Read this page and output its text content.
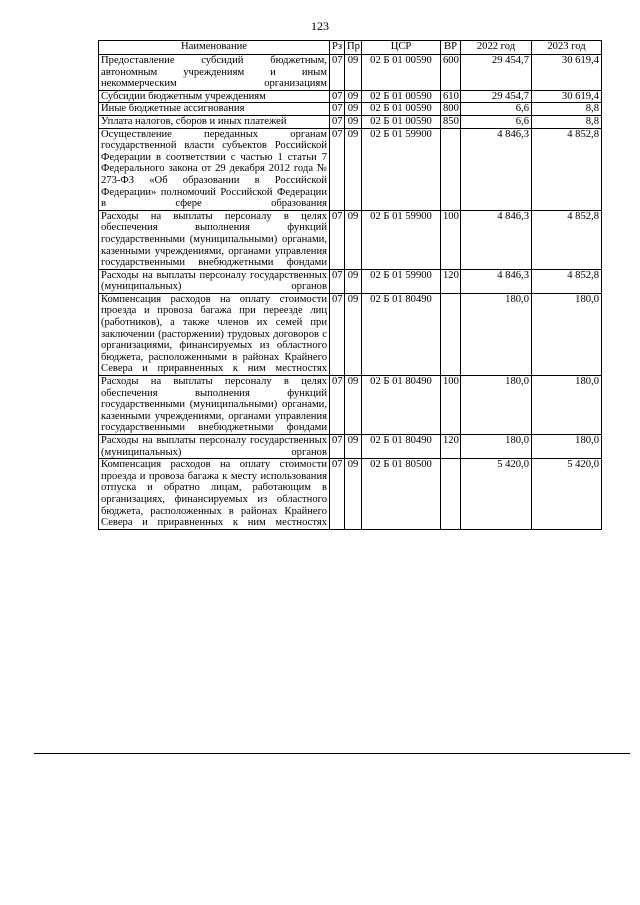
123
Наименование	Рз	Пр	ЦСР	ВР	2022 год	2023 год
Предоставление субсидий бюджетным, автономным учреждениям и иным некоммерческим организациям	07	09	02 Б 01 00590	600	29 454,7	30 619,4
Субсидии бюджетным учреждениям	07	09	02 Б 01 00590	610	29 454,7	30 619,4
Иные бюджетные ассигнования	07	09	02 Б 01 00590	800	6,6	8,8
Уплата налогов, сборов и иных платежей	07	09	02 Б 01 00590	850	6,6	8,8
Осуществление переданных органам государственной власти субъектов Российской Федерации в соответствии с частью 1 статьи 7 Федерального закона от 29 декабря 2012 года № 273-ФЗ «Об образовании в Российской Федерации» полномочий Российской Федерации в сфере образования	07	09	02 Б 01 59900		4 846,3	4 852,8
Расходы на выплаты персоналу в целях обеспечения выполнения функций государственными (муниципальными) органами, казенными учреждениями, органами управления государственными внебюджетными фондами	07	09	02 Б 01 59900	100	4 846,3	4 852,8
Расходы на выплаты персоналу государственных (муниципальных) органов	07	09	02 Б 01 59900	120	4 846,3	4 852,8
Компенсация расходов на оплату стоимости проезда и провоза багажа при переезде лиц (работников), а также членов их семей при заключении (расторжении) трудовых договоров с организациями, финансируемых из областного бюджета, расположенными в районах Крайнего Севера и приравненных к ним местностях	07	09	02 Б 01 80490		180,0	180,0
Расходы на выплаты персоналу в целях обеспечения выполнения функций государственными (муниципальными) органами, казенными учреждениями, органами управления государственными внебюджетными фондами	07	09	02 Б 01 80490	100	180,0	180,0
Расходы на выплаты персоналу государственных (муниципальных) органов	07	09	02 Б 01 80490	120	180,0	180,0
Компенсация расходов на оплату стоимости проезда и провоза багажа к месту использования отпуска и обратно лицам, работающим в организациях, финансируемых из областного бюджета, расположенных в районах Крайнего Севера и приравненных к ним местностях	07	09	02 Б 01 80500		5 420,0	5 420,0
